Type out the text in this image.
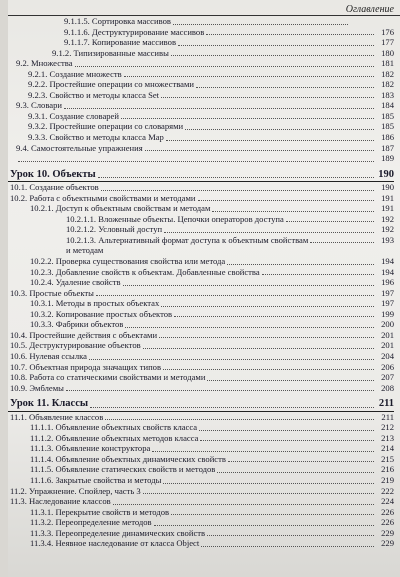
Оглавление
9.1.1.5. Сортировка массивов
9.1.1.6. Деструктурирование массивов	176
9.1.1.7. Копирование массивов	177
9.1.2. Типизированные массивы	180
9.2. Множества	181
9.2.1. Создание множеств	182
9.2.2. Простейшие операции со множествами	182
9.2.3. Свойство и методы класса Set	183
9.3. Словари	184
9.3.1. Создание словарей	185
9.3.2. Простейшие операции со словарями	185
9.3.3. Свойство и методы класса Map	186
9.4. Самостоятельные упражнения	187
189
Урок 10. Объекты	190
10.1. Создание объектов	190
10.2. Работа с объектными свойствами и методами	191
10.2.1. Доступ к объектным свойствам и методам	191
10.2.1.1. Вложенные объекты. Цепочки операторов доступа	192
10.2.1.2. Условный доступ	192
10.2.1.3. Альтернативный формат доступа к объектным свойствам	193
и методам
10.2.2. Проверка существования свойства или метода	194
10.2.3. Добавление свойств к объектам. Добавленные свойства	194
10.2.4. Удаление свойств	196
10.3. Простые объекты	197
10.3.1. Методы в простых объектах	197
10.3.2. Копирование простых объектов	199
10.3.3. Фабрики объектов	200
10.4. Простейшие действия с объектами	201
10.5. Деструктурирование объектов	201
10.6. Нулевая ссылка	204
10.7. Объектная природа значащих типов	206
10.8. Работа со статическими свойствами и методами	207
10.9. Эмблемы	208
Урок 11. Классы	211
11.1. Объявление классов	211
11.1.1. Объявление объектных свойств класса	212
11.1.2. Объявление объектных методов класса	213
11.1.3. Объявление конструктора	214
11.1.4. Объявление объектных динамических свойств	215
11.1.5. Объявление статических свойств и методов	216
11.1.6. Закрытые свойства и методы	219
11.2. Упражнение. Спойлер, часть 3	222
11.3. Наследование классов	224
11.3.1. Перекрытие свойств и методов	226
11.3.2. Переопределение методов	226
11.3.3. Переопределение динамических свойств	229
11.3.4. Неявное наследование от класса Object	229
